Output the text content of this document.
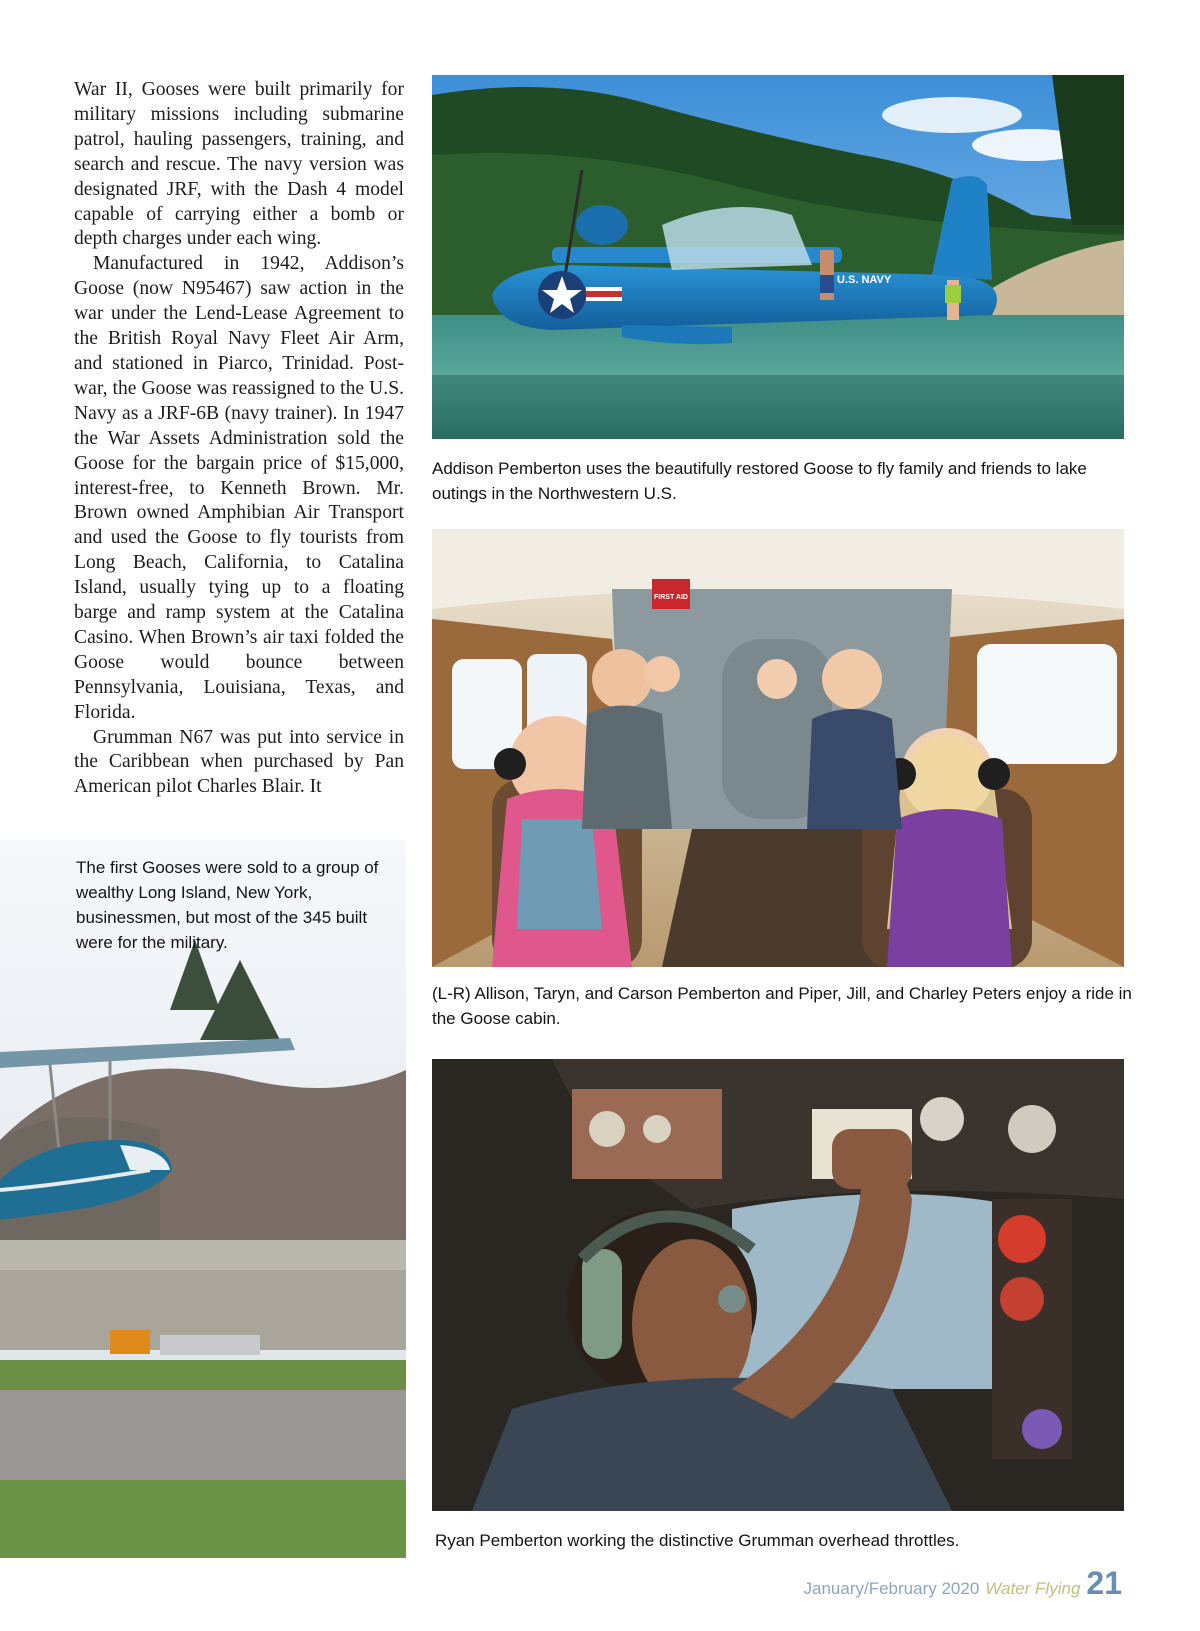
War II, Gooses were built primarily for military missions including submarine patrol, hauling passengers, training, and search and rescue. The navy version was designated JRF, with the Dash 4 model capable of carrying either a bomb or depth charges under each wing.

Manufactured in 1942, Addison’s Goose (now N95467) saw action in the war under the Lend-Lease Agreement to the British Royal Navy Fleet Air Arm, and stationed in Piarco, Trinidad. Post-war, the Goose was reassigned to the U.S. Navy as a JRF-6B (navy trainer). In 1947 the War Assets Administration sold the Goose for the bargain price of $15,000, interest-free, to Kenneth Brown. Mr. Brown owned Amphibian Air Transport and used the Goose to fly tourists from Long Beach, California, to Catalina Island, usually tying up to a floating barge and ramp system at the Catalina Casino. When Brown’s air taxi folded the Goose would bounce between Pennsylvania, Louisiana, Texas, and Florida.

Grumman N67 was put into service in the Caribbean when purchased by Pan American pilot Charles Blair. It

U.S. NAVY
Addison Pemberton uses the beautifully restored Goose to fly family and friends to lake outings in the Northwestern U.S.
FIRST AID
(L-R) Allison, Taryn, and Carson Pemberton and Piper, Jill, and Charley Peters enjoy a ride in the Goose cabin.
Ryan Pemberton working the distinctive Grumman overhead throttles.
The first Gooses were sold to a group of wealthy Long Island, New York, businessmen, but most of the 345 built were for the military.
January/February 2020 Water Flying 21
